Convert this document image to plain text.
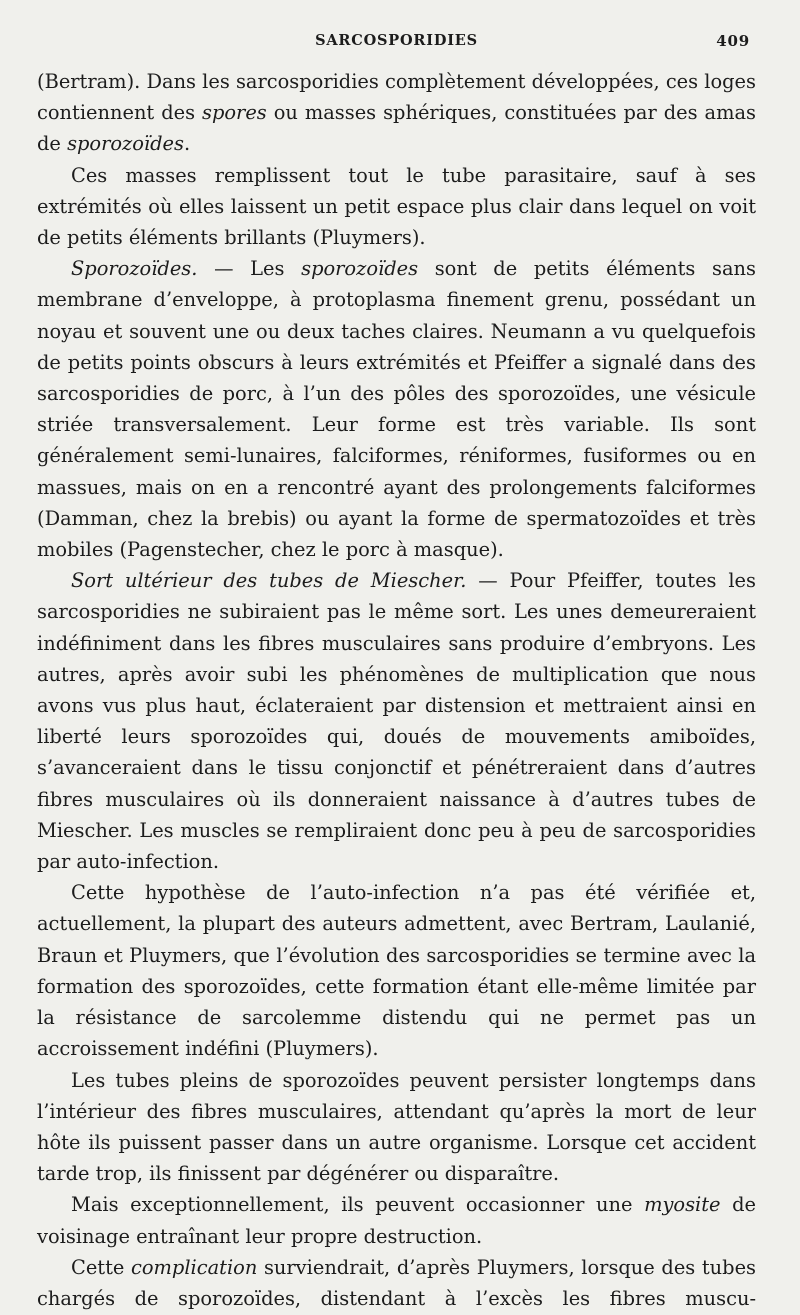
SARCOSPORIDIES	409

(Bertram). Dans les sarcosporidies complètement développées, ces loges contiennent des spores ou masses sphériques, constituées par des amas de sporozoïdes.

Ces masses remplissent tout le tube parasitaire, sauf à ses extrémités où elles laissent un petit espace plus clair dans lequel on voit de petits éléments brillants (Pluymers).

Sporozoïdes. — Les sporozoïdes sont de petits éléments sans membrane d’enveloppe, à protoplasma finement grenu, possédant un noyau et souvent une ou deux taches claires. Neumann a vu quelquefois de petits points obscurs à leurs extrémités et Pfeiffer a signalé dans des sarcosporidies de porc, à l’un des pôles des sporozoïdes, une vésicule striée transversalement. Leur forme est très variable. Ils sont généralement semi-lunaires, falciformes, réniformes, fusiformes ou en massues, mais on en a rencontré ayant des prolongements falciformes (Damman, chez la brebis) ou ayant la forme de spermatozoïdes et très mobiles (Pagenstecher, chez le porc à masque).

Sort ultérieur des tubes de Miescher. — Pour Pfeiffer, toutes les sarcosporidies ne subiraient pas le même sort. Les unes demeureraient indéfiniment dans les fibres musculaires sans produire d’embryons. Les autres, après avoir subi les phénomènes de multiplication que nous avons vus plus haut, éclateraient par distension et mettraient ainsi en liberté leurs sporozoïdes qui, doués de mouvements amiboïdes, s’avanceraient dans le tissu conjonctif et pénétreraient dans d’autres fibres musculaires où ils donneraient naissance à d’autres tubes de Miescher. Les muscles se rempliraient donc peu à peu de sarcosporidies par auto-infection.

Cette hypothèse de l’auto-infection n’a pas été vérifiée et, actuellement, la plupart des auteurs admettent, avec Bertram, Laulanié, Braun et Pluymers, que l’évolution des sarcosporidies se termine avec la formation des sporozoïdes, cette formation étant elle-même limitée par la résistance de sarcolemme distendu qui ne permet pas un accroissement indéfini (Pluymers).

Les tubes pleins de sporozoïdes peuvent persister longtemps dans l’intérieur des fibres musculaires, attendant qu’après la mort de leur hôte ils puissent passer dans un autre organisme. Lorsque cet accident tarde trop, ils finissent par dégénérer ou disparaître.

Mais exceptionnellement, ils peuvent occasionner une myosite de voisinage entraînant leur propre destruction.

Cette complication surviendrait, d’après Pluymers, lorsque des tubes chargés de sporozoïdes, distendant à l’excès les fibres muscu-
